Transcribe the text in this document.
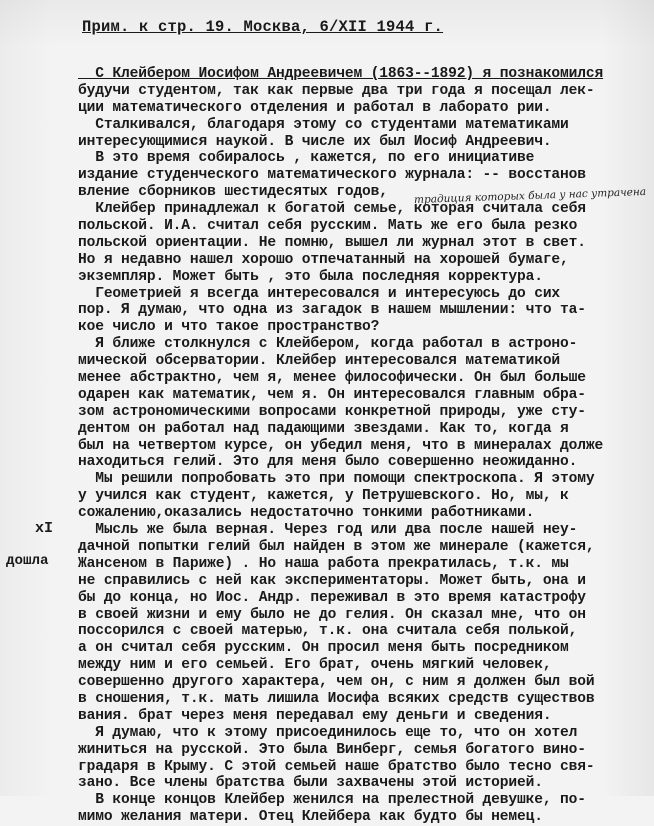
Прим. к стр. 19. Москва, 6/XII 1944 г.
С Клейбером Иосифом Андреевичем (1863--1892) я познакомился
будучи студентом, так как первые два три года я посещал лек-
ции математического отделения и работал в лаборато рии.
Сталкивался, благодаря этому со студентами математиками
интересующимися наукой. В числе их был Иосиф Андреевич.
В это время собиралось , кажется, по его инициативе
издание студенческого математического журнала: -- восстанов
вление сборников шестидесятых годов,
Клейбер принадлежал к богатой семье, которая считала себя
польской. И.А. считал себя русским. Мать же его была резко
польской ориентации. Не помню, вышел ли журнал этот в свет.
Но я недавно нашел хорошо отпечатанный на хорошей бумаге,
экземпляр. Может быть , это была последняя корректура.
Геометрией я всегда интересовался и интересуюсь до сих
пор. Я думаю, что одна из загадок в нашем мышлении: что та-
кое число и что такое пространство?
Я ближе столкнулся с Клейбером, когда работал в астроно-
мической обсерватории. Клейбер интересовался математикой
менее абстрактно, чем я, менее философически. Он был больше
одарен как математик, чем я. Он интересовался главным обра-
зом астрономическими вопросами конкретной природы, уже сту-
дентом он работал над падающими звездами. Как то, когда я
был на четвертом курсе, он убедил меня, что в минералах долже
находиться гелий. Это для меня было совершенно неожиданно.
Мы решили попробовать это при помощи спектроскопа. Я этому
у учился как студент, кажется, у Петрушевского. Но, мы, к
сожалению,оказались недостаточно тонкими работниками.
Мысль же была верная. Через год или два после нашей неу-
дачной попытки гелий был найден в этом же минерале (кажется,
Жансеном в Париже) . Но наша работа прекратилась, т.к. мы
не справились с ней как экспериментаторы. Может быть, она и
бы до конца, но Иос. Андр. переживал в это время катастрофу
в своей жизни и ему было не до гелия. Он сказал мне, что он
поссорился с своей матерью, т.к. она считала себя полькой,
а он считал себя русским. Он просил меня быть посредником
между ним и его семьей. Его брат, очень мягкий человек,
совершенно другого характера, чем он, с ним я должен был вой
в сношения, т.к. мать лишила Иосифа всяких средств существов
вания. брат через меня передавал ему деньги и сведения.
Я думаю, что к этому присоединилось еще то, что он хотел
жиниться на русской. Это была Винберг, семья богатого вино-
градаря в Крыму. С этой семьей наше братство было тесно свя-
зано. Все члены братства были захвачены этой историей.
В конце концов Клейбер женился на прелестной девушке, по-
мимо желания матери. Отец Клейбера как будто бы немец.
традиция которых была у нас утрачена
хI
дошла
